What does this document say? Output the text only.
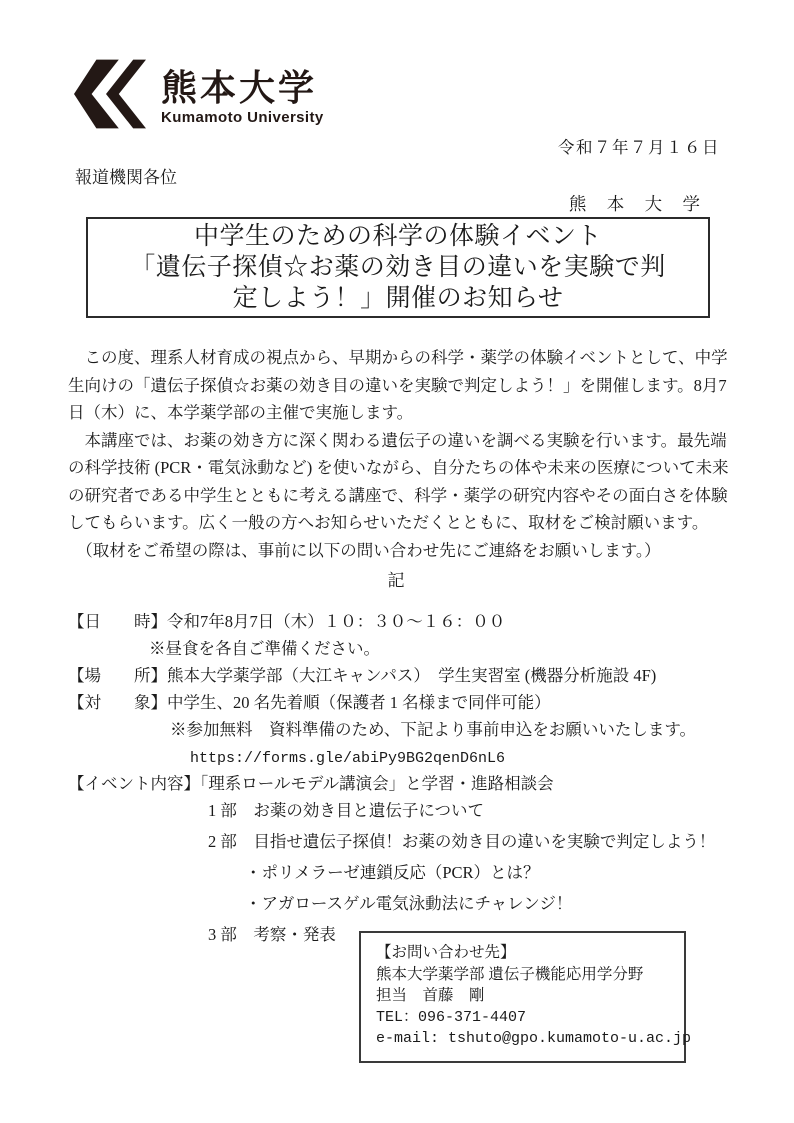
熊本大学
Kumamoto University
令和７年７月１６日
報道機関各位
熊 本 大 学
中学生のための科学の体験イベント
「遺伝子探偵☆お薬の効き目の違いを実験で判
定しよう！」開催のお知らせ
　この度、理系人材育成の視点から、早期からの科学・薬学の体験イベントとして、中学
生向けの「遺伝子探偵☆お薬の効き目の違いを実験で判定しよう！」を開催します。8月7
日（木）に、本学薬学部の主催で実施します。
　本講座では、お薬の効き方に深く関わる遺伝子の違いを調べる実験を行います。最先端
の科学技術 (PCR・電気泳動など) を使いながら、自分たちの体や未来の医療について未来
の研究者である中学生とともに考える講座で、科学・薬学の研究内容やその面白さを体験
してもらいます。広く一般の方へお知らせいただくとともに、取材をご検討願います。
　（取材をご希望の際は、事前に以下の問い合わせ先にご連絡をお願いします。）
記
【日　　時】令和7年8月7日（木）１０：３０～１６：００
※昼食を各自ご準備ください。
【場　　所】熊本大学薬学部（大江キャンパス）　学生実習室 (機器分析施設 4F)
【対　　象】中学生、20 名先着順（保護者 1 名様まで同伴可能）
※参加無料　資料準備のため、下記より事前申込をお願いいたします。
https://forms.gle/abiPy9BG2qenD6nL6
【イベント内容】「理系ロールモデル講演会」と学習・進路相談会
1 部　お薬の効き目と遺伝子について
2 部　目指せ遺伝子探偵！お薬の効き目の違いを実験で判定しよう！
・ポリメラーゼ連鎖反応（PCR）とは？
・アガロースゲル電気泳動法にチャレンジ！
3 部　考察・発表
【お問い合わせ先】
熊本大学薬学部 遺伝子機能応用学分野
担当　首藤　剛
TEL：096-371-4407
e-mail: tshuto@gpo.kumamoto-u.ac.jp
